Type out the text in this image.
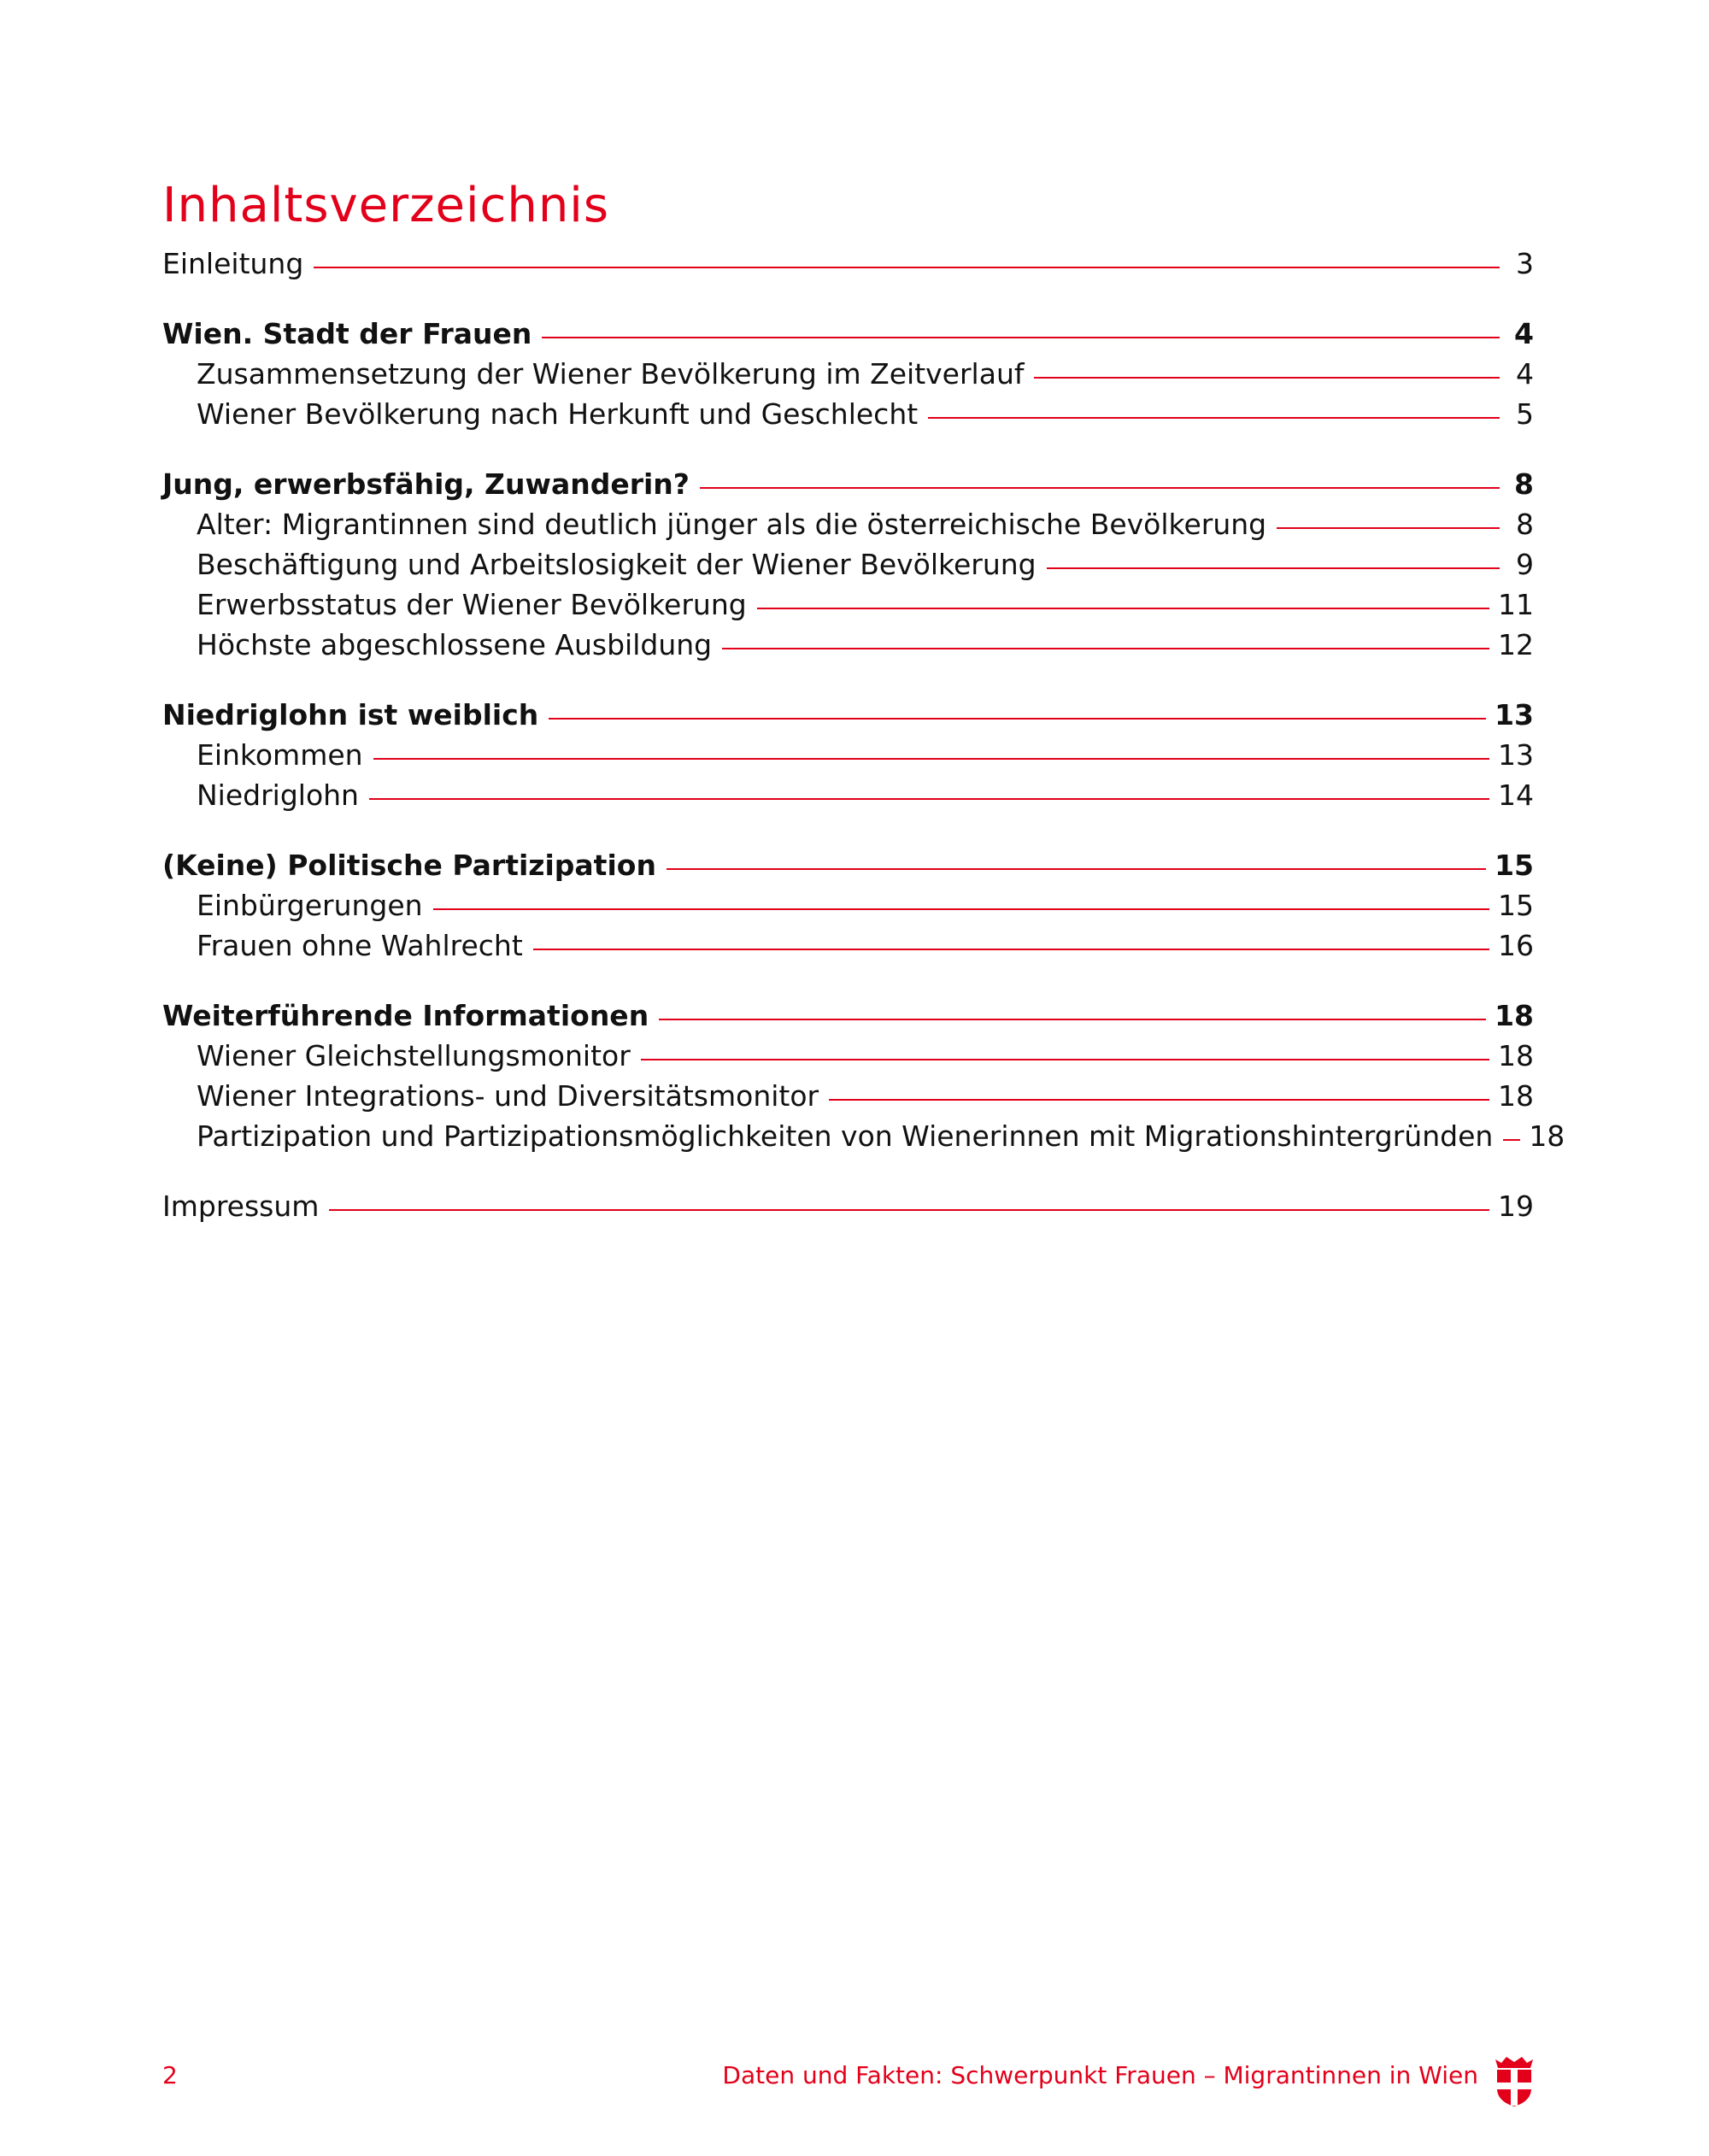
Inhaltsverzeichnis
Einleitung	3
Wien. Stadt der Frauen	4
Zusammensetzung der Wiener Bevölkerung im Zeitverlauf	4
Wiener Bevölkerung nach Herkunft und Geschlecht	5
Jung, erwerbsfähig, Zuwanderin?	8
Alter: Migrantinnen sind deutlich jünger als die österreichische Bevölkerung	8
Beschäftigung und Arbeitslosigkeit der Wiener Bevölkerung	9
Erwerbsstatus der Wiener Bevölkerung	11
Höchste abgeschlossene Ausbildung	12
Niedriglohn ist weiblich	13
Einkommen	13
Niedriglohn	14
(Keine) Politische Partizipation	15
Einbürgerungen	15
Frauen ohne Wahlrecht	16
Weiterführende Informationen	18
Wiener Gleichstellungsmonitor	18
Wiener Integrations- und Diversitätsmonitor	18
Partizipation und Partizipationsmöglichkeiten von Wienerinnen mit Migrationshintergründen 18
Impressum	19
2	Daten und Fakten: Schwerpunkt Frauen – Migrantinnen in Wien
